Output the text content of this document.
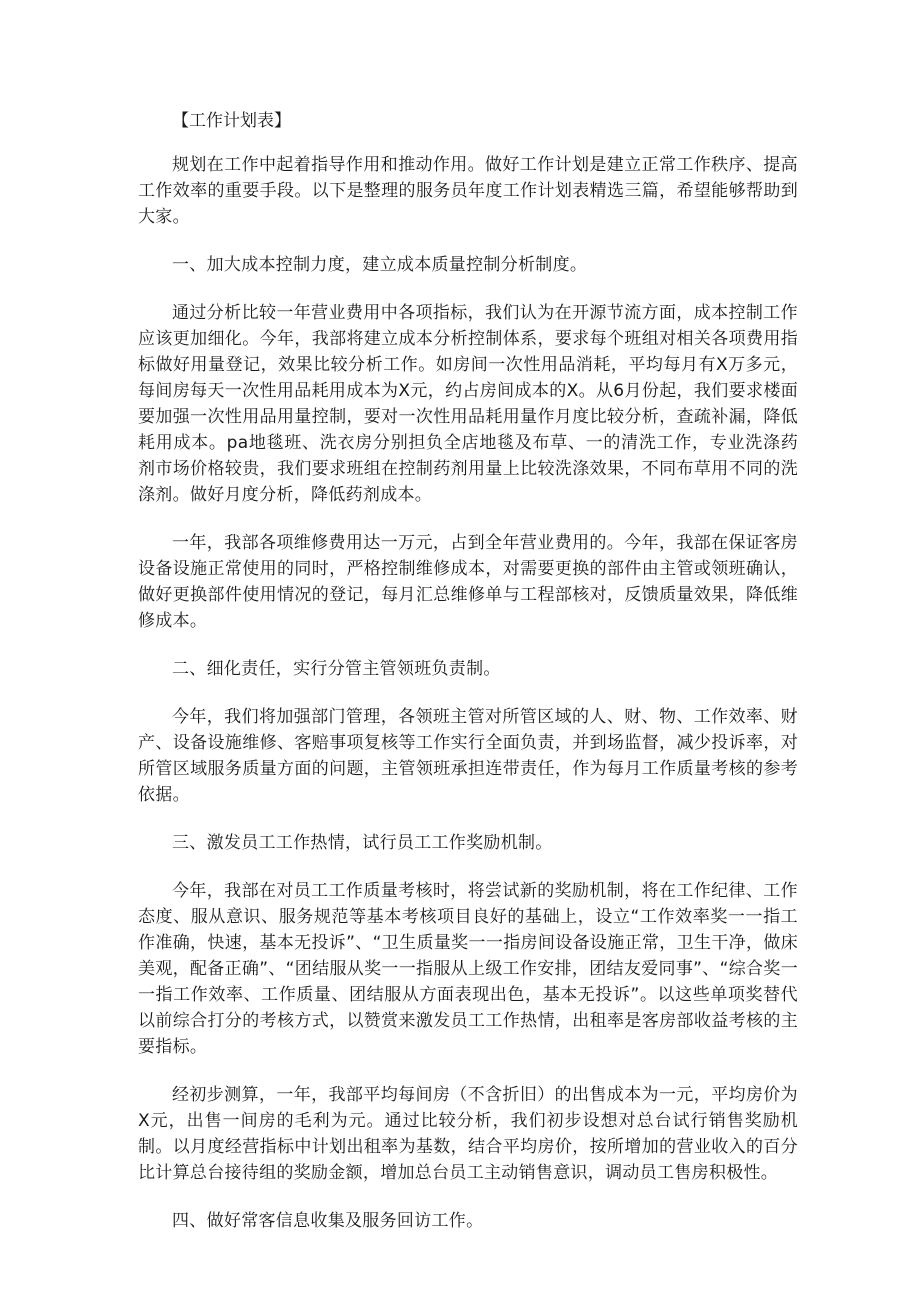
【工作计划表】

规划在工作中起着指导作用和推动作用。做好工作计划是建立正常工作秩序、提高工作效率的重要手段。以下是整理的服务员年度工作计划表精选三篇，希望能够帮助到大家。

一、加大成本控制力度，建立成本质量控制分析制度。

通过分析比较一年营业费用中各项指标，我们认为在开源节流方面，成本控制工作应该更加细化。今年，我部将建立成本分析控制体系，要求每个班组对相关各项费用指标做好用量登记，效果比较分析工作。如房间一次性用品消耗，平均每月有X万多元，每间房每天一次性用品耗用成本为X元，约占房间成本的X。从6月份起，我们要求楼面要加强一次性用品用量控制，要对一次性用品耗用量作月度比较分析，查疏补漏，降低耗用成本。pa地毯班、洗衣房分别担负全店地毯及布草、一的清洗工作，专业洗涤药剂市场价格较贵，我们要求班组在控制药剂用量上比较洗涤效果，不同布草用不同的洗涤剂。做好月度分析，降低药剂成本。

一年，我部各项维修费用达一万元，占到全年营业费用的。今年，我部在保证客房设备设施正常使用的同时，严格控制维修成本，对需要更换的部件由主管或领班确认，做好更换部件使用情况的登记，每月汇总维修单与工程部核对，反馈质量效果，降低维修成本。

二、细化责任，实行分管主管领班负责制。

今年，我们将加强部门管理，各领班主管对所管区域的人、财、物、工作效率、财产、设备设施维修、客赔事项复核等工作实行全面负责，并到场监督，减少投诉率，对所管区域服务质量方面的问题，主管领班承担连带责任，作为每月工作质量考核的参考依据。

三、激发员工工作热情，试行员工工作奖励机制。

今年，我部在对员工工作质量考核时，将尝试新的奖励机制，将在工作纪律、工作态度、服从意识、服务规范等基本考核项目良好的基础上，设立“工作效率奖一一指工作准确，快速，基本无投诉”、“卫生质量奖一一指房间设备设施正常，卫生干净，做床美观，配备正确”、“团结服从奖一一指服从上级工作安排，团结友爱同事”、“综合奖一一指工作效率、工作质量、团结服从方面表现出色，基本无投诉”。以这些单项奖替代以前综合打分的考核方式，以赞赏来激发员工工作热情，出租率是客房部收益考核的主要指标。

经初步测算，一年，我部平均每间房（不含折旧）的出售成本为一元，平均房价为X元，出售一间房的毛利为元。通过比较分析，我们初步设想对总台试行销售奖励机制。以月度经营指标中计划出租率为基数，结合平均房价，按所增加的营业收入的百分比计算总台接待组的奖励金额，增加总台员工主动销售意识，调动员工售房积极性。

四、做好常客信息收集及服务回访工作。
